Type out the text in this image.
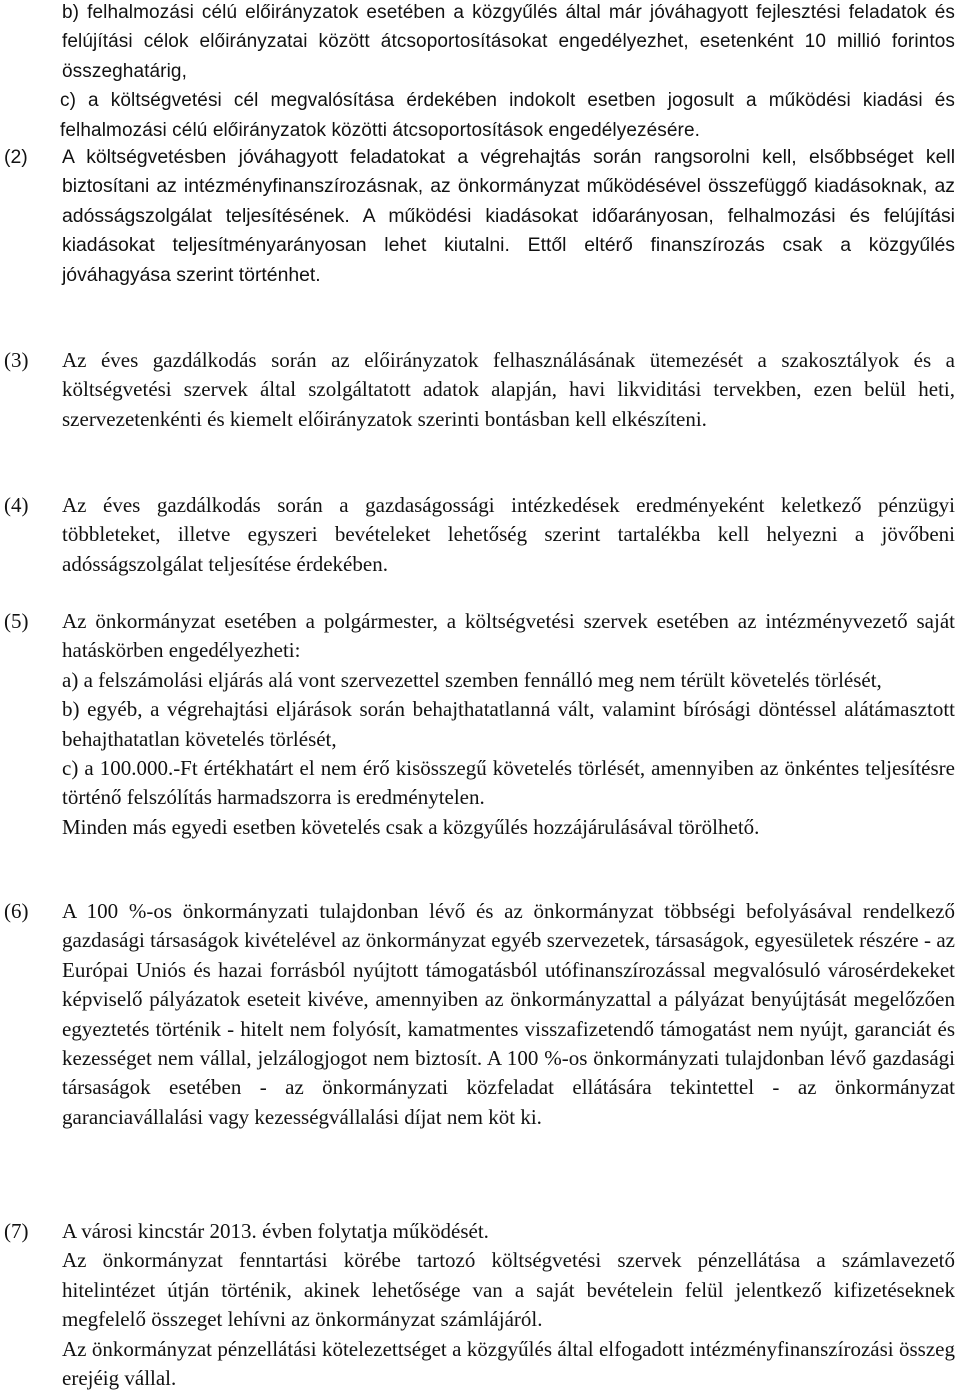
b) felhalmozási célú előirányzatok esetében a közgyűlés által már jóváhagyott fejlesztési feladatok és felújítási célok előirányzatai között átcsoportosításokat engedélyezhet, esetenként 10 millió forintos összeghatárig,

c) a költségvetési cél megvalósítása érdekében indokolt esetben jogosult a működési kiadási és felhalmozási célú előirányzatok közötti átcsoportosítások engedélyezésére.

(2)	A költségvetésben jóváhagyott feladatokat a végrehajtás során rangsorolni kell, elsőbbséget kell biztosítani az intézményfinanszírozásnak, az önkormányzat működésével összefüggő kiadásoknak, az adósságszolgálat teljesítésének. A működési kiadásokat időarányosan, felhalmozási és felújítási kiadásokat teljesítményarányosan lehet kiutalni. Ettől eltérő finanszírozás csak a közgyűlés jóváhagyása szerint történhet.

(3)	Az éves gazdálkodás során az előirányzatok felhasználásának ütemezését a szakosztályok és a költségvetési szervek által szolgáltatott adatok alapján, havi likviditási tervekben, ezen belül heti, szervezetenkénti és kiemelt előirányzatok szerinti bontásban kell elkészíteni.

(4)	Az éves gazdálkodás során a gazdaságossági intézkedések eredményeként keletkező pénzügyi többleteket, illetve egyszeri bevételeket lehetőség szerint tartalékba kell helyezni a jövőbeni adósságszolgálat teljesítése érdekében.

(5)	Az önkormányzat esetében a polgármester, a költségvetési szervek esetében az intézményvezető saját hatáskörben engedélyezheti:

a) a felszámolási eljárás alá vont szervezettel szemben fennálló meg nem térült követelés törlését,

b) egyéb, a végrehajtási eljárások során behajthatatlanná vált, valamint bírósági döntéssel alátámasztott behajthatatlan követelés törlését,

c) a 100.000.-Ft értékhatárt el nem érő kisösszegű követelés törlését, amennyiben az önkéntes teljesítésre történő felszólítás harmadszorra is eredménytelen.

Minden más egyedi esetben követelés csak a közgyűlés hozzájárulásával törölhető.

(6)	A 100 %-os önkormányzati tulajdonban lévő és az önkormányzat többségi befolyásával rendelkező gazdasági társaságok kivételével az önkormányzat egyéb szervezetek, társaságok, egyesületek részére - az Európai Uniós és hazai forrásból nyújtott támogatásból utófinanszírozással megvalósuló városérdekeket képviselő pályázatok eseteit kivéve, amennyiben az önkormányzattal a pályázat benyújtását megelőzően egyeztetés történik - hitelt nem folyósít, kamatmentes visszafizetendő támogatást nem nyújt, garanciát és kezességet nem vállal, jelzálogjogot nem biztosít. A 100 %-os önkormányzati tulajdonban lévő gazdasági társaságok esetében - az önkormányzati közfeladat ellátására tekintettel - az önkormányzat garanciavállalási vagy kezességvállalási díjat nem köt ki.

(7)	A városi kincstár 2013. évben folytatja működését.

Az önkormányzat fenntartási körébe tartozó költségvetési szervek pénzellátása a számlavezető hitelintézet útján történik, akinek lehetősége van a saját bevételein felül jelentkező kifizetéseknek megfelelő összeget lehívni az önkormányzat számlájáról.

Az önkormányzat pénzellátási kötelezettséget a közgyűlés által elfogadott intézményfinanszírozási összeg erejéig vállal.
